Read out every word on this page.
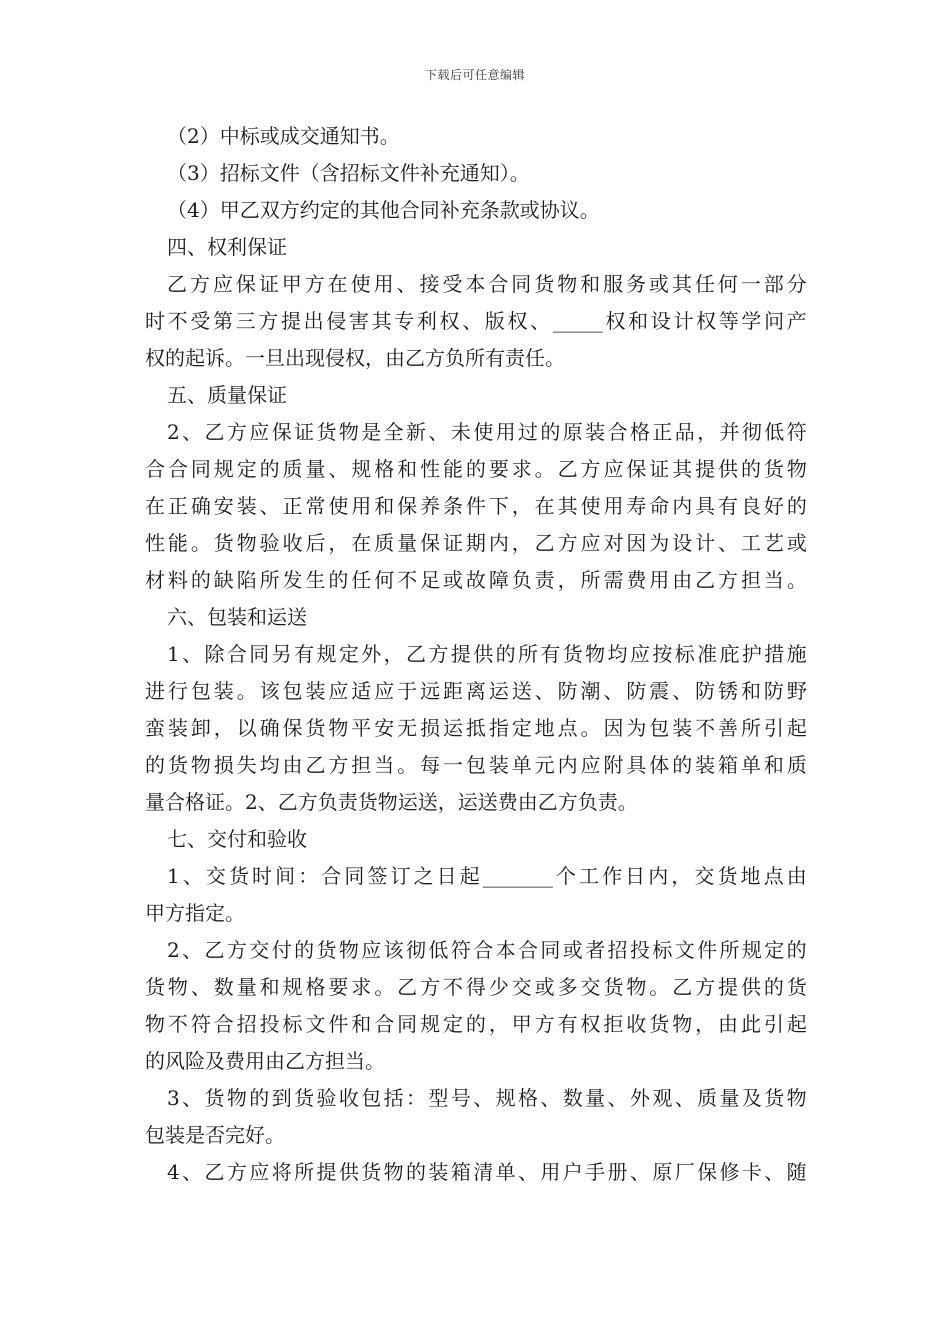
下载后可任意编辑
（2）中标或成交通知书。
（3）招标文件（含招标文件补充通知）。
（4）甲乙双方约定的其他合同补充条款或协议。
四、权利保证
乙 方 应 保 证 甲 方 在 使 用 、 接 受 本 合 同 货 物 和 服 务 或 其 任 何 一 部 分
时 不 受 第 三 方 提 出 侵 害 其 专 利 权 、 版 权 、 _____ 权 和 设 计 权 等 学 问 产
权的起诉。一旦出现侵权，由乙方负所有责任。
五、质量保证
2 、 乙 方 应 保 证 货 物 是 全 新 、 未 使 用 过 的 原 装 合 格 正 品 ， 并 彻 低 符
合 合 同 规 定 的 质 量 、 规 格 和 性 能 的 要 求 。 乙 方 应 保 证 其 提 供 的 货 物
在 正 确 安 装 、 正 常 使 用 和 保 养 条 件 下 ， 在 其 使 用 寿 命 内 具 有 良 好 的
性 能 。 货 物 验 收 后 ， 在 质 量 保 证 期 内 ， 乙 方 应 对 因 为 设 计 、 工 艺 或
材 料 的 缺 陷 所 发 生 的 任 何 不 足 或 故 障 负 责 ， 所 需 费 用 由 乙 方 担 当 。
六、包装和运送
1 、 除 合 同 另 有 规 定 外 ， 乙 方 提 供 的 所 有 货 物 均 应 按 标 准 庇 护 措 施
进 行 包 装 。 该 包 装 应 适 应 于 远 距 离 运 送 、 防 潮 、 防 震 、 防 锈 和 防 野
蛮 装 卸 ， 以 确 保 货 物 平 安 无 损 运 抵 指 定 地 点 。 因 为 包 装 不 善 所 引 起
的 货 物 损 失 均 由 乙 方 担 当 。 每 一 包 装 单 元 内 应 附 具 体 的 装 箱 单 和 质
量合格证。2、乙方负责货物运送，运送费由乙方负责。
七、交付和验收
1 、 交 货 时 间 ： 合 同 签 订 之 日 起 _______ 个 工 作 日 内 ， 交 货 地 点 由
甲方指定。
2 、 乙 方 交 付 的 货 物 应 该 彻 低 符 合 本 合 同 或 者 招 投 标 文 件 所 规 定 的
货 物 、 数 量 和 规 格 要 求 。 乙 方 不 得 少 交 或 多 交 货 物 。 乙 方 提 供 的 货
物 不 符 合 招 投 标 文 件 和 合 同 规 定 的 ， 甲 方 有 权 拒 收 货 物 ， 由 此 引 起
的风险及费用由乙方担当。
3 、 货 物 的 到 货 验 收 包 括 ： 型 号 、 规 格 、 数 量 、 外 观 、 质 量 及 货 物
包装是否完好。
4 、 乙 方 应 将 所 提 供 货 物 的 装 箱 清 单 、 用 户 手 册 、 原 厂 保 修 卡 、 随
